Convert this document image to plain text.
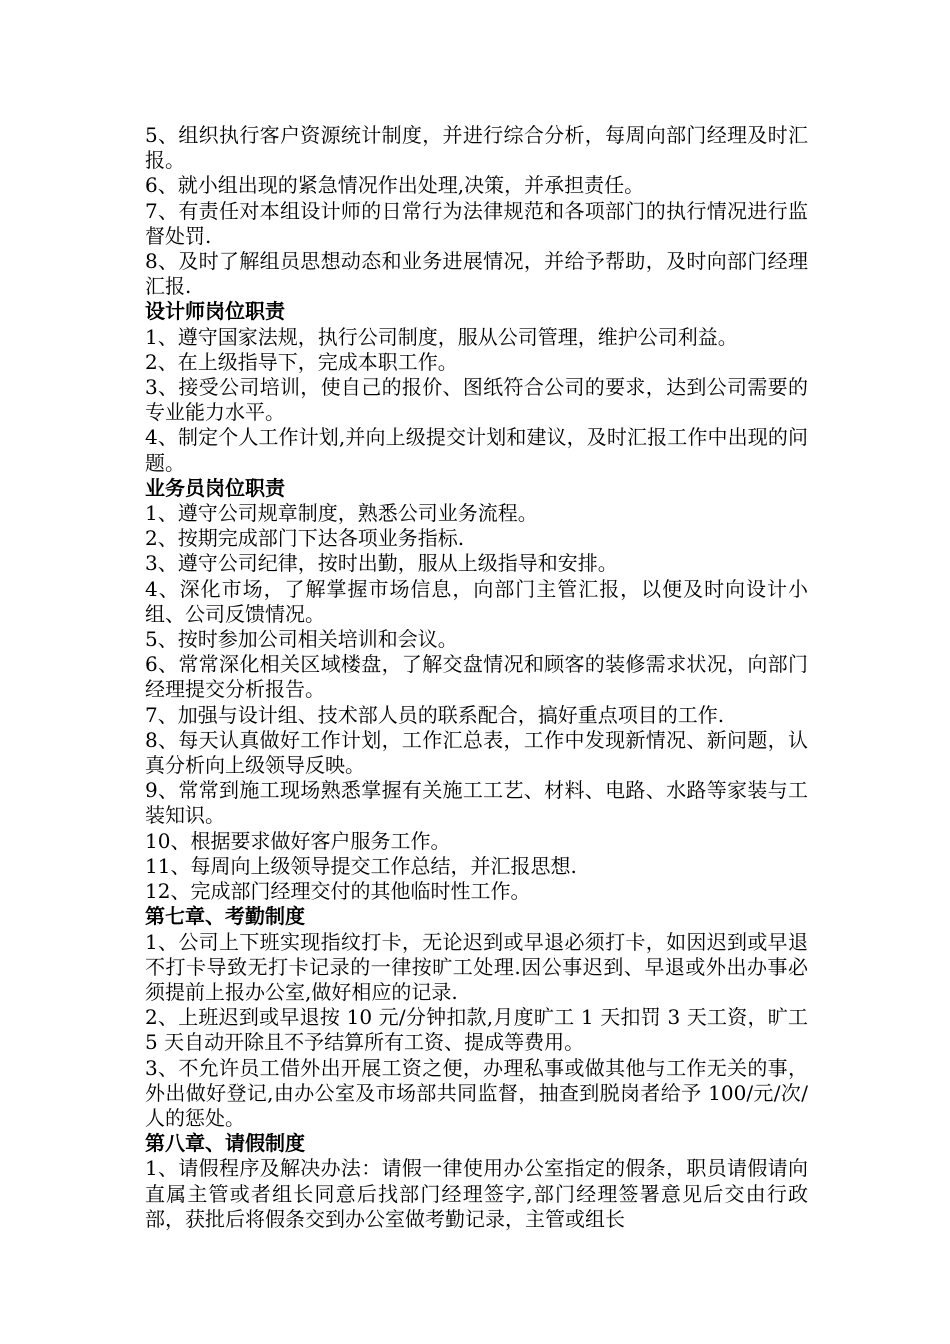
5、组织执行客户资源统计制度，并进行综合分析，每周向部门经理及时汇报。

6、就小组出现的紧急情况作出处理,决策，并承担责任。

7、有责任对本组设计师的日常行为法律规范和各项部门的执行情况进行监督处罚.

8、及时了解组员思想动态和业务进展情况，并给予帮助，及时向部门经理汇报.

设计师岗位职责

1、遵守国家法规，执行公司制度，服从公司管理，维护公司利益。

2、在上级指导下，完成本职工作。

3、接受公司培训，使自己的报价、图纸符合公司的要求，达到公司需要的专业能力水平。

4、制定个人工作计划,并向上级提交计划和建议，及时汇报工作中出现的问题。

业务员岗位职责

1、遵守公司规章制度，熟悉公司业务流程。

2、按期完成部门下达各项业务指标.

3、遵守公司纪律，按时出勤，服从上级指导和安排。

4、深化市场，了解掌握市场信息，向部门主管汇报，以便及时向设计小组、公司反馈情况。

5、按时参加公司相关培训和会议。

6、常常深化相关区域楼盘，了解交盘情况和顾客的装修需求状况，向部门经理提交分析报告。

7、加强与设计组、技术部人员的联系配合，搞好重点项目的工作.

8、每天认真做好工作计划，工作汇总表，工作中发现新情况、新问题，认真分析向上级领导反映。

9、常常到施工现场熟悉掌握有关施工工艺、材料、电路、水路等家装与工装知识。

10、根据要求做好客户服务工作。

11、每周向上级领导提交工作总结，并汇报思想.

12、完成部门经理交付的其他临时性工作。

第七章、考勤制度

1、公司上下班实现指纹打卡，无论迟到或早退必须打卡，如因迟到或早退不打卡导致无打卡记录的一律按旷工处理.因公事迟到、早退或外出办事必须提前上报办公室,做好相应的记录.

2、上班迟到或早退按 10 元/分钟扣款,月度旷工 1 天扣罚 3 天工资，旷工 5 天自动开除且不予结算所有工资、提成等费用。

3、不允许员工借外出开展工资之便，办理私事或做其他与工作无关的事，外出做好登记,由办公室及市场部共同监督，抽查到脱岗者给予 100/元/次/人的惩处。

第八章、请假制度

1、请假程序及解决办法：请假一律使用办公室指定的假条，职员请假请向直属主管或者组长同意后找部门经理签字,部门经理签署意见后交由行政部，获批后将假条交到办公室做考勤记录，主管或组长
